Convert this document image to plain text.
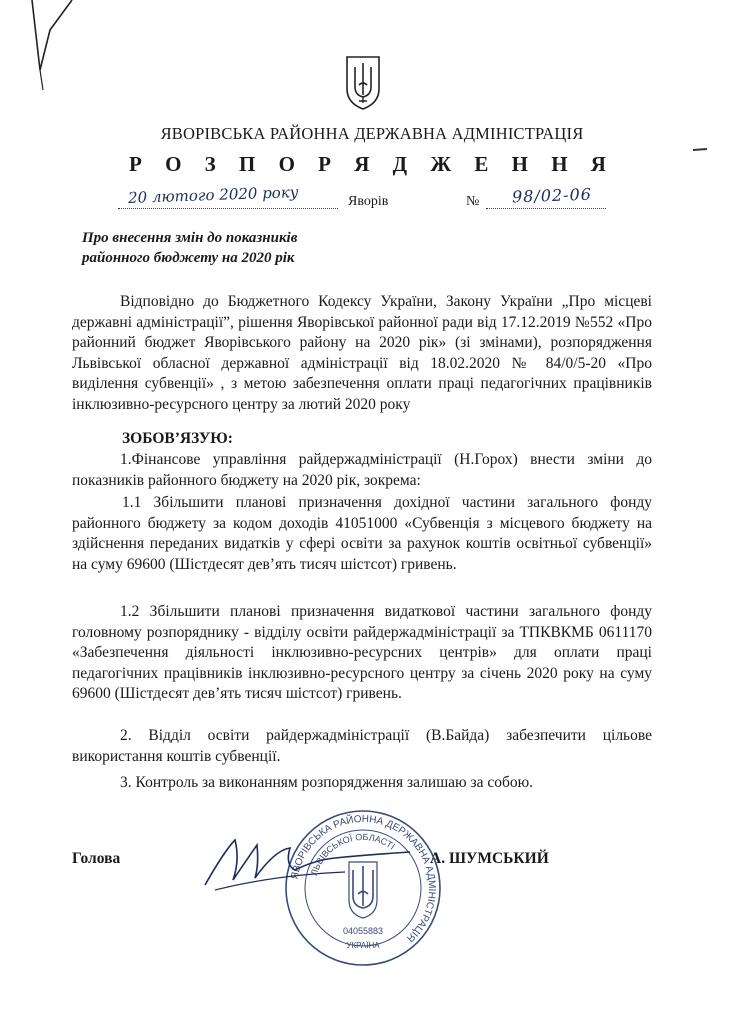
ЯВОРІВСЬКА РАЙОННА ДЕРЖАВНА АДМІНІСТРАЦІЯ
Р О З П О Р Я Д Ж Е Н Н Я
20 лютого 2020 року	Яворів	№ 98/02-06
Про внесення змін до показників
районного бюджету на 2020 рік
Відповідно до Бюджетного Кодексу України, Закону України „Про місцеві державні адміністрації”, рішення Яворівської районної ради від 17.12.2019 №552 «Про районний бюджет Яворівського району на 2020 рік» (зі змінами), розпорядження Львівської обласної державної адміністрації від 18.02.2020 № 84/0/5-20 «Про виділення субвенції» , з метою забезпечення оплати праці педагогічних працівників інклюзивно-ресурсного центру за лютий 2020 року
ЗОБОВ’ЯЗУЮ:
1.Фінансове управління райдержадміністрації (Н.Горох) внести зміни до показників районного бюджету на 2020 рік, зокрема:
1.1 Збільшити планові призначення дохідної частини загального фонду районного бюджету за кодом доходів 41051000 «Субвенція з місцевого бюджету на здійснення переданих видатків у сфері освіти за рахунок коштів освітньої субвенції» на суму 69600 (Шістдесят дев’ять тисяч шістсот) гривень.
1.2 Збільшити планові призначення видаткової частини загального фонду головному розпоряднику - відділу освіти райдержадміністрації за ТПКВКМБ 0611170 «Забезпечення діяльності інклюзивно-ресурсних центрів» для оплати праці педагогічних працівників інклюзивно-ресурсного центру за січень 2020 року на суму 69600 (Шістдесят дев’ять тисяч шістсот) гривень.
2. Відділ освіти райдержадміністрації (В.Байда) забезпечити цільове використання коштів субвенції.
3. Контроль за виконанням розпорядження залишаю за собою.
Голова	А. ШУМСЬКИЙ
ЯВОРІВСЬКА РАЙОННА ДЕРЖАВНА АДМІНІСТРАЦІЯ
ЛЬВІВСЬКОЇ ОБЛАСТІ
04055883
УКРАЇНА
